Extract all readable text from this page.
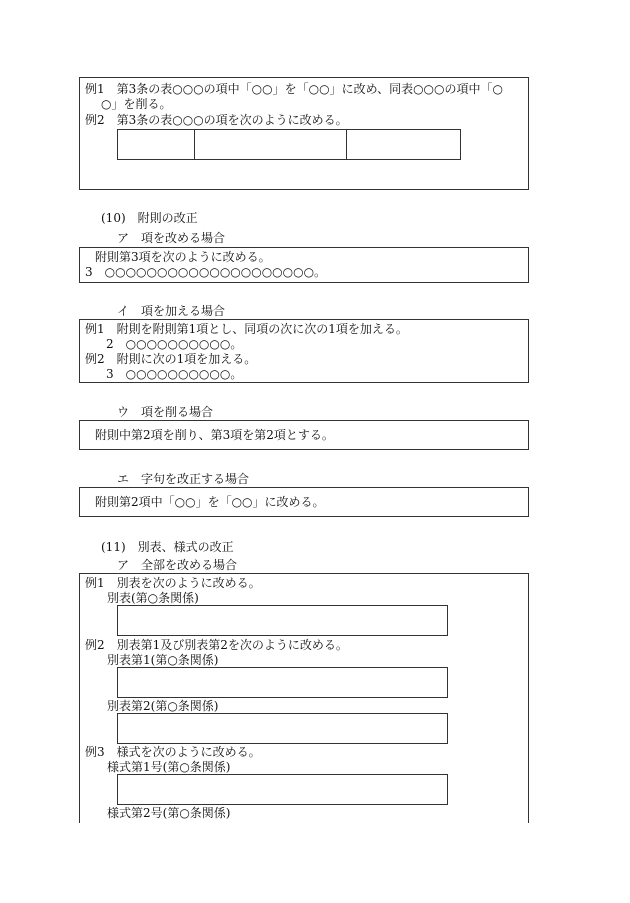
例1　第3条の表○○○の項中「○○」を「○○」に改め、同表○○○の項中「○
○」を削る。
例2　第3条の表○○○の項を次のように改める。
(10)　附則の改正
ア　項を改める場合
附則第3項を次のように改める。
3　○○○○○○○○○○○○○○○○○○○○。
イ　項を加える場合
例1　附則を附則第1項とし、同項の次に次の1項を加える。
2　○○○○○○○○○○。
例2　附則に次の1項を加える。
3　○○○○○○○○○○。
ウ　項を削る場合
附則中第2項を削り、第3項を第2項とする。
エ　字句を改正する場合
附則第2項中「○○」を「○○」に改める。
(11)　別表、様式の改正
ア　全部を改める場合
例1　別表を次のように改める。
別表(第○条関係)
例2　別表第1及び別表第2を次のように改める。
別表第1(第○条関係)
別表第2(第○条関係)
例3　様式を次のように改める。
様式第1号(第○条関係)
様式第2号(第○条関係)
